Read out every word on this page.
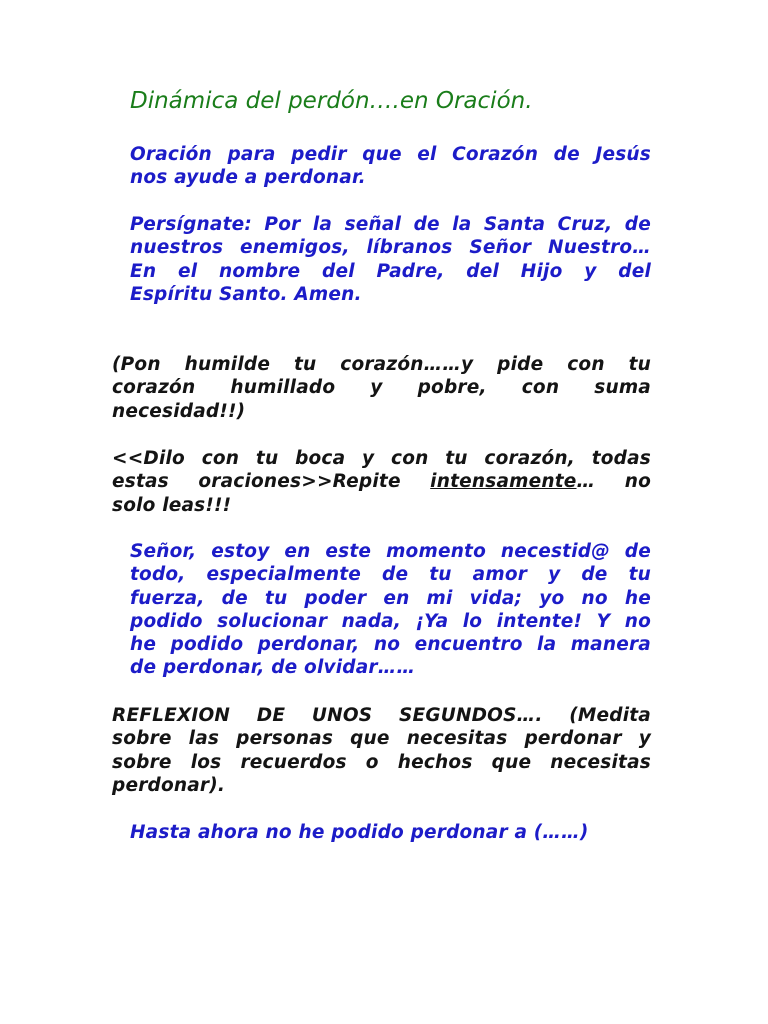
Dinámica del perdón….en Oración.

Oración para pedir que el Corazón de Jesús
nos ayude a perdonar.

Persígnate: Por la señal de la Santa Cruz, de
nuestros enemigos, líbranos Señor Nuestro…
En el nombre del Padre, del Hijo y del
Espíritu Santo. Amen.

(Pon humilde tu corazón……y pide con tu
corazón humillado y pobre, con suma
necesidad!!)

<<Dilo con tu boca y con tu corazón, todas
estas oraciones>>Repite intensamente… no
solo leas!!!

Señor, estoy en este momento necestid@ de
todo, especialmente de tu amor y de tu
fuerza, de tu poder en mi vida; yo no he
podido solucionar nada, ¡Ya lo intente! Y no
he podido perdonar, no encuentro la manera
de perdonar, de olvidar……

REFLEXION DE UNOS SEGUNDOS…. (Medita
sobre las personas que necesitas perdonar y
sobre los recuerdos o hechos que necesitas
perdonar).

Hasta ahora no he podido perdonar a (……)
